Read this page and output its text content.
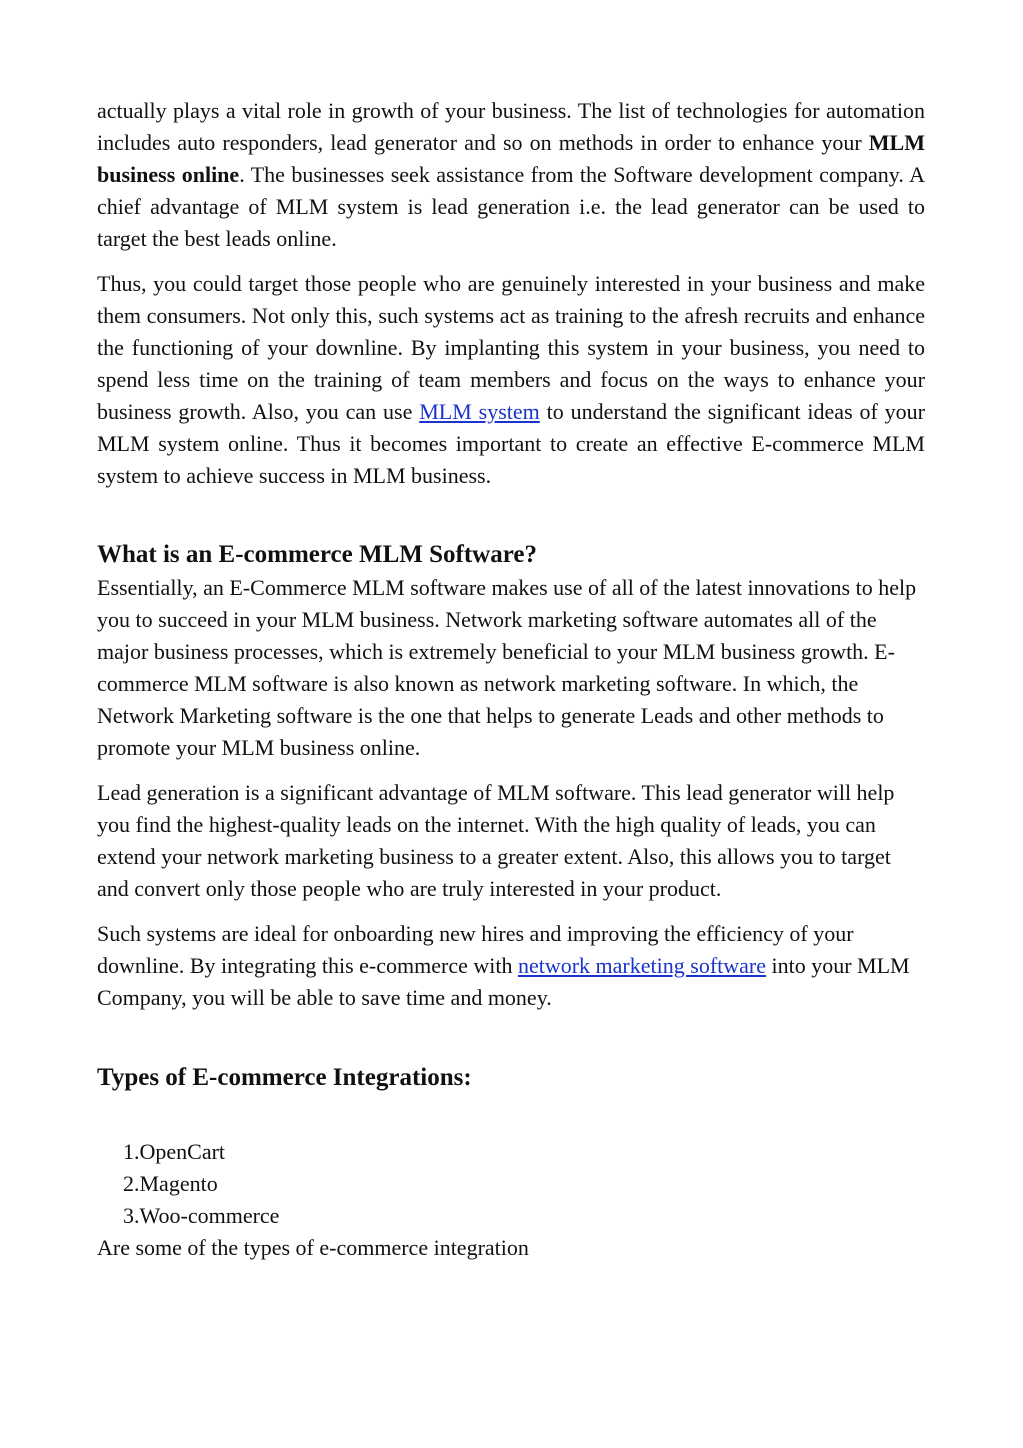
actually plays a vital role in growth of your business. The list of technologies for automation includes auto responders, lead generator and so on methods in order to enhance your MLM business online. The businesses seek assistance from the Software development company. A chief advantage of MLM system is lead generation i.e. the lead generator can be used to target the best leads online.

Thus, you could target those people who are genuinely interested in your business and make them consumers. Not only this, such systems act as training to the afresh recruits and enhance the functioning of your downline. By implanting this system in your business, you need to spend less time on the training of team members and focus on the ways to enhance your business growth. Also, you can use MLM system to understand the significant ideas of your MLM system online. Thus it becomes important to create an effective E-commerce MLM system to achieve success in MLM business.

What is an E-commerce MLM Software?

Essentially, an E-Commerce MLM software makes use of all of the latest innovations to help you to succeed in your MLM business. Network marketing software automates all of the major business processes, which is extremely beneficial to your MLM business growth. E-commerce MLM software is also known as network marketing software. In which, the Network Marketing software is the one that helps to generate Leads and other methods to promote your MLM business online.

Lead generation is a significant advantage of MLM software. This lead generator will help you find the highest-quality leads on the internet. With the high quality of leads, you can extend your network marketing business to a greater extent. Also, this allows you to target and convert only those people who are truly interested in your product.

Such systems are ideal for onboarding new hires and improving the efficiency of your downline. By integrating this e-commerce with network marketing software into your MLM Company, you will be able to save time and money.

Types of E-commerce Integrations:
1.OpenCart
2.Magento
3.Woo-commerce

Are some of the types of e-commerce integration
